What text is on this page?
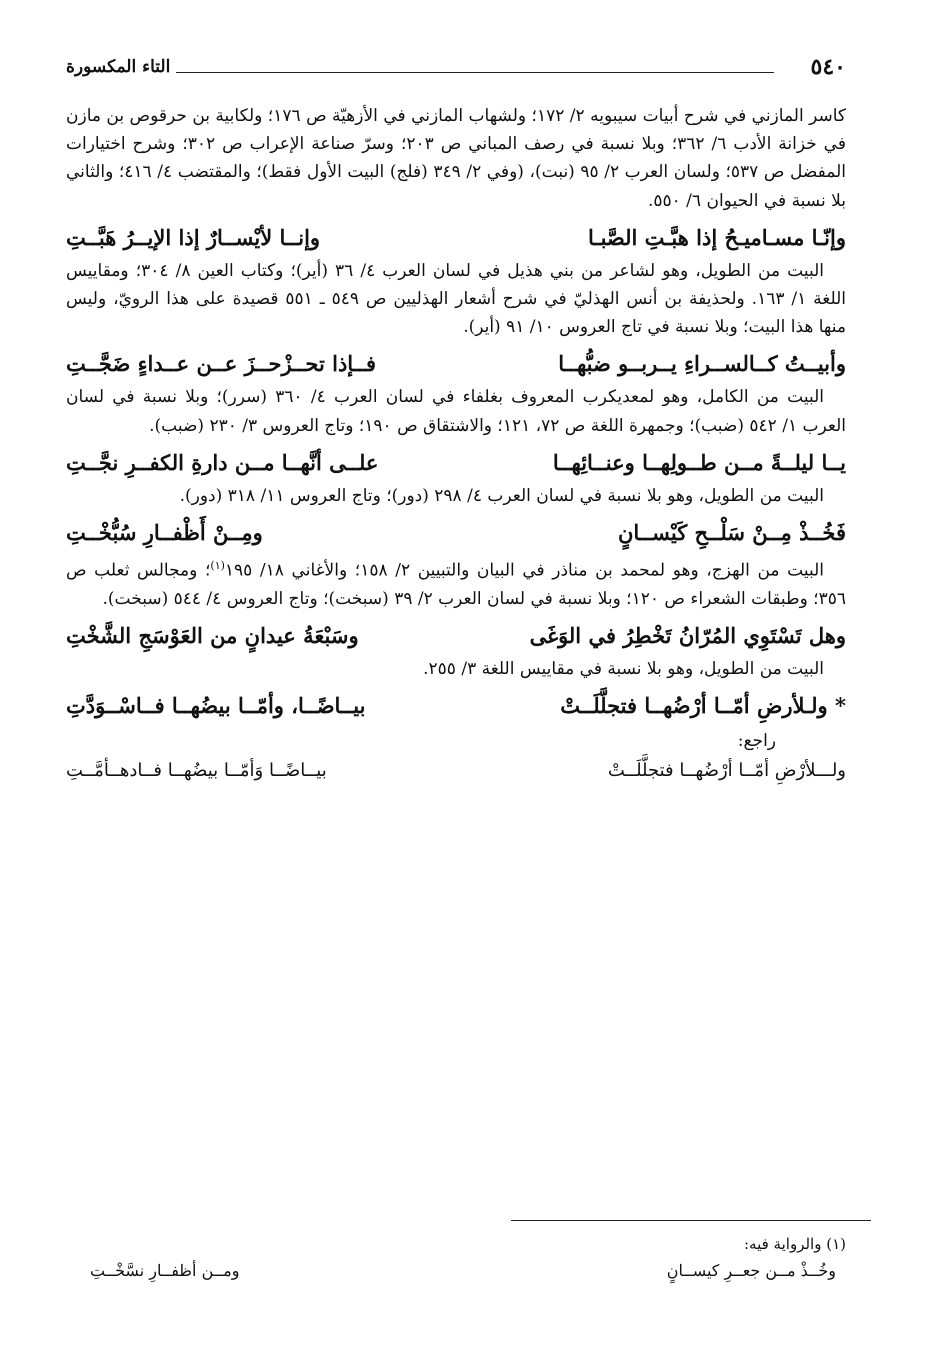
٥٤٠
التاء المكسورة

كاسر المازني في شرح أبيات سيبويه ٢/ ١٧٢؛ ولشهاب المازني في الأزهيّة ص ١٧٦؛ ولكابية بن حرقوص بن مازن في خزانة الأدب ٦/ ٣٦٢؛ وبلا نسبة في رصف المباني ص ٢٠٣؛ وسرّ صناعة الإعراب ص ٣٠٢؛ وشرح اختيارات المفضل ص ٥٣٧؛ ولسان العرب ٢/ ٩٥ (نبت)، (وفي ٢/ ٣٤٩ (فلج) البيت الأول فقط)؛ والمقتضب ٤/ ٤١٦؛ والثاني بلا نسبة في الحيوان ٦/ ٥٥٠.

وإنّـا مسـاميـحُ إذا هبَّـتِ الصَّبـا
وإنــا لأيْســارٌ إذا الإيــرُ هَبَّــتِ

البيت من الطويل، وهو لشاعر من بني هذيل في لسان العرب ٤/ ٣٦ (أير)؛ وكتاب العين ٨/ ٣٠٤؛ ومقاييس اللغة ١/ ١٦٣. ولحذيفة بن أنس الهذليّ في شرح أشعار الهذليين ص ٥٤٩ ـ ٥٥١ قصيدة على هذا الرويّ، وليس منها هذا البيت؛ وبلا نسبة في تاج العروس ١٠/ ٩١ (أير).

وأبيــتُ كــالســراءِ يــربــو ضبُّهــا
فــإذا تحــزْحــزَ عــن عــداءٍ ضَجَّــتِ

البيت من الكامل، وهو لمعديكرب المعروف بغلفاء في لسان العرب ٤/ ٣٦٠ (سرر)؛ وبلا نسبة في لسان العرب ١/ ٥٤٢ (ضبب)؛ وجمهرة اللغة ص ٧٢، ١٢١؛ والاشتقاق ص ١٩٠؛ وتاج العروس ٣/ ٢٣٠ (ضبب).

يــا ليلــةً مــن طــولِهــا وعنــائِهــا
علــى أنَّهــا مــن دارةِ الكفــرِ نجَّــتِ

البيت من الطويل، وهو بلا نسبة في لسان العرب ٤/ ٢٩٨ (دور)؛ وتاج العروس ١١/ ٣١٨ (دور).

فَخُــذْ مِــنْ سَلْــحِ كَيْســانٍ
ومِــنْ أَظْفــارِ سُبُّخْــتِ

البيت من الهزج، وهو لمحمد بن مناذر في البيان والتبيين ٢/ ١٥٨؛ والأغاني ١٨/ ١٩٥$^{(١)}$؛ ومجالس ثعلب ص ٣٥٦؛ وطبقات الشعراء ص ١٢٠؛ وبلا نسبة في لسان العرب ٢/ ٣٩ (سبخت)؛ وتاج العروس ٤/ ٥٤٤ (سبخت).

وهل تَسْتَوِي المُرّانُ تَخْطِرُ في الوَغَى
وسَبْعَةُ عيدانٍ من العَوْسَجِ الشَّخْتِ

البيت من الطويل، وهو بلا نسبة في مقاييس اللغة ٣/ ٢٥٥.

* ولـلأرضِ أمّــا أرْضُهــا فتجلَّلَــتْ
بيــاضًــا، وأمّــا بيضُهــا فــاسْــوَدَّتِ

راجع:

ولـــلأرْضِ أمّــا أرْضُهــا فتجلَّلَــتْ
بيــاضًــا وَأمّــا بيضُهــا فــادهــأمَّــتِ

(١) والرواية فيه:

وخُــذْ مــن جعــرِ كيســانٍ
ومــن أظفــارِ نسَّخْــتِ
